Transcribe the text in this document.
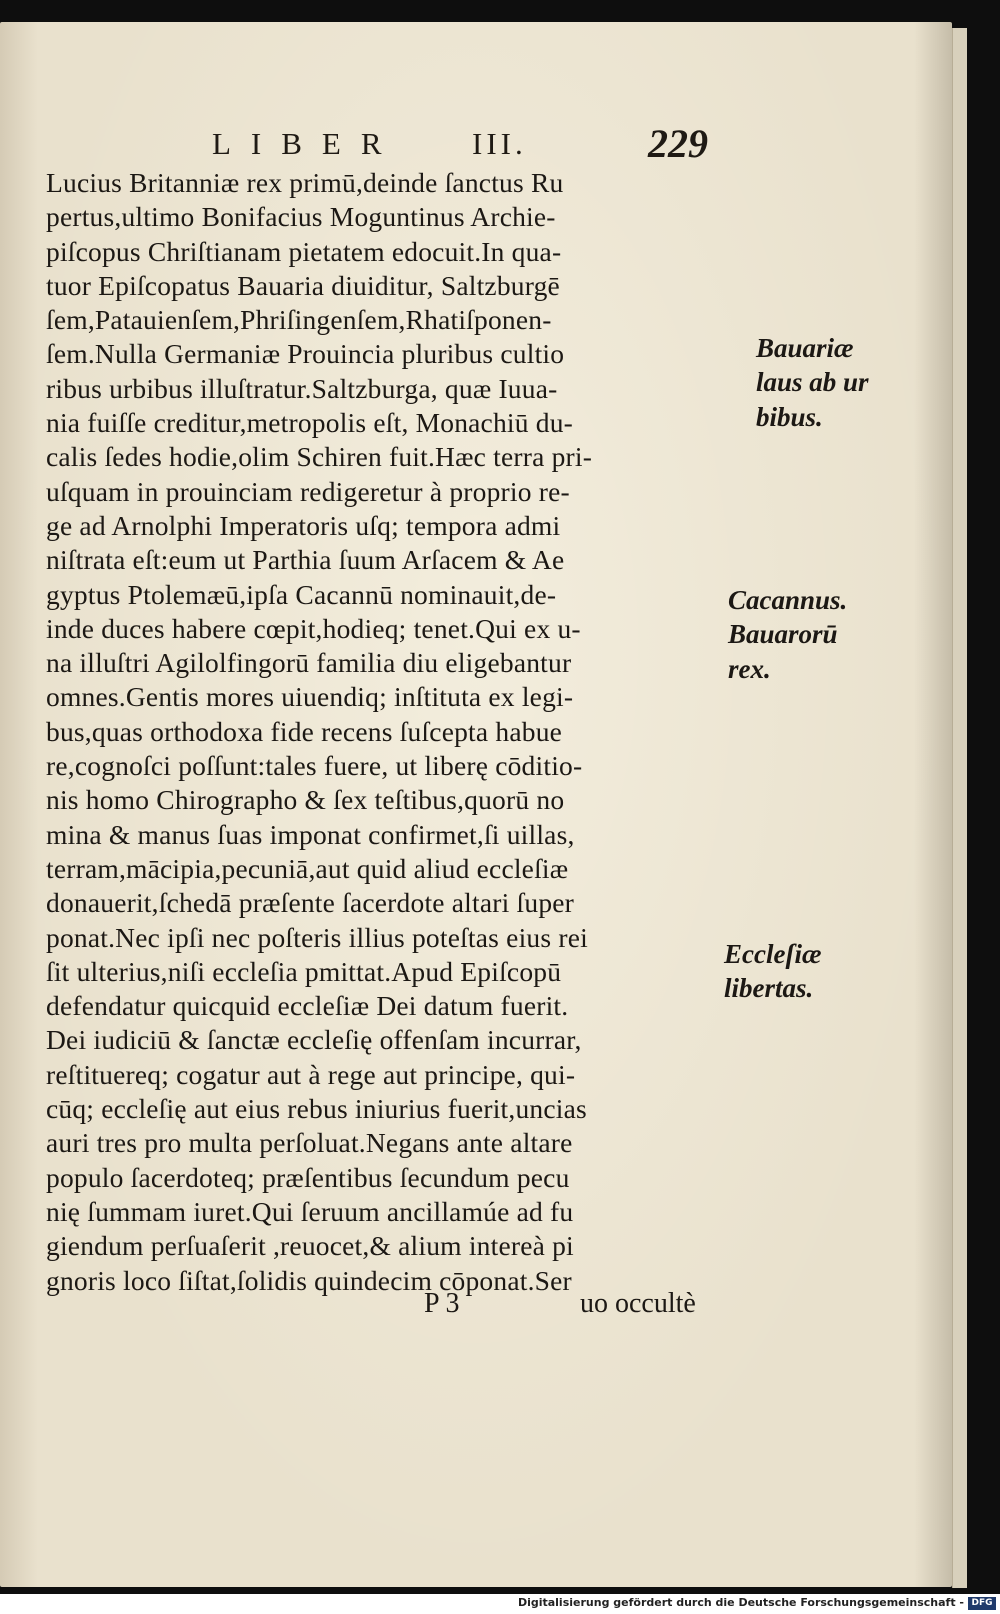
LIBER III.	229
Lucius Britanniæ rex primū,deinde ſanctus Ru
pertus,ultimo Bonifacius Moguntinus Archie-
piſcopus Chriſtianam pietatem edocuit.In qua-
tuor Epiſcopatus Bauaria diuiditur, Saltzburgē
ſem,Patauienſem,Phriſingenſem,Rhatiſponen-
ſem.Nulla Germaniæ Prouincia pluribus cultio
ribus urbibus illuſtratur.Saltzburga, quæ Iuua-
nia fuiſſe creditur,metropolis eſt, Monachiū du-
calis ſedes hodie,olim Schiren fuit.Hæc terra pri-
uſquam in prouinciam redigeretur à proprio re-
ge ad Arnolphi Imperatoris uſq; tempora admi
niſtrata eſt:eum ut Parthia ſuum Arſacem & Ae
gyptus Ptolemæū,ipſa Cacannū nominauit,de-
inde duces habere cœpit,hodieq; tenet.Qui ex u-
na illuſtri Agilolfingorū familia diu eligebantur
omnes.Gentis mores uiuendiq; inſtituta ex legi-
bus,quas orthodoxa fide recens ſuſcepta habue
re,cognoſci poſſunt:tales fuere, ut liberę cōditio-
nis homo Chirographo & ſex teſtibus,quorū no
mina & manus ſuas imponat confirmet,ſi uillas,
terram,mācipia,pecuniā,aut quid aliud eccleſiæ
donauerit,ſchedā præſente ſacerdote altari ſuper
ponat.Nec ipſi nec poſteris illius poteſtas eius rei
ſit ulterius,niſi eccleſia pmittat.Apud Epiſcopū
defendatur quicquid eccleſiæ Dei datum fuerit.
Dei iudiciū & ſanctæ eccleſię offenſam incurrar,
reſtituereq; cogatur aut à rege aut principe, qui-
cūq; eccleſię aut eius rebus iniurius fuerit,uncias
auri tres pro multa perſoluat.Negans ante altare
populo ſacerdoteq; præſentibus ſecundum pecu
nię ſummam iuret.Qui ſeruum ancillamúe ad fu
giendum perſuaſerit ,reuocet,& alium intereà pi
gnoris loco ſiſtat,ſolidis quindecim cōponat.Ser
Bauariæ
laus ab ur
bibus.
Cacannus.
Bauarorū
rex.
Eccleſiæ
libertas.
P 3	uo occultè
Digitalisierung gefördert durch die Deutsche Forschungsgemeinschaft - DFG
